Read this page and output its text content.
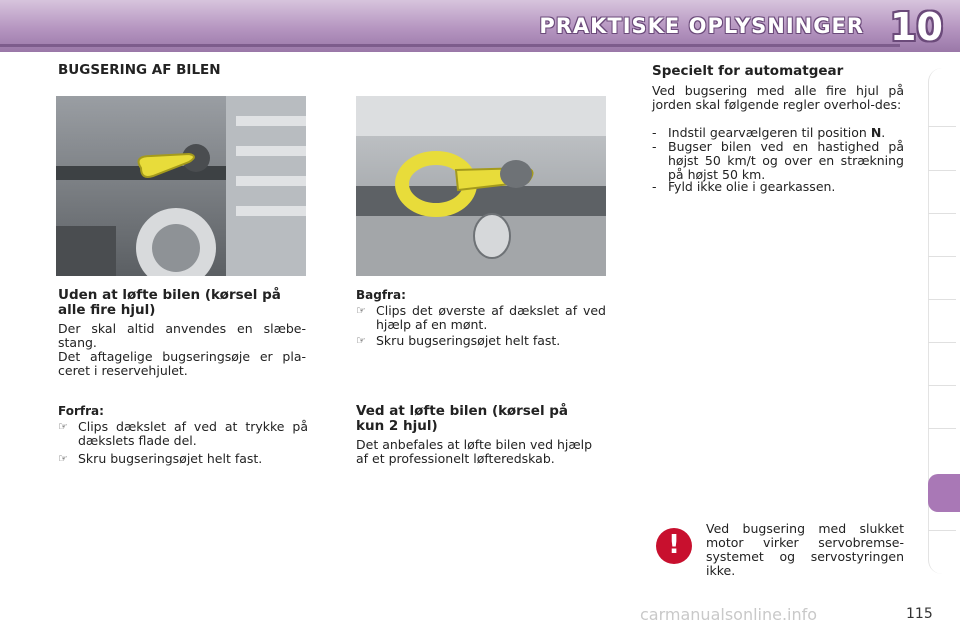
PRAKTISKE OPLYSNINGER 10
BUGSERING AF BILEN
Uden at løfte bilen (kørsel på
alle fire hjul)

Der skal altid anvendes en slæbe-stang.

Det aftagelige bugseringsøje er pla-ceret i reservehjulet.

Forfra:
☞ Clips dækslet af ved at trykke på dækslets flade del.
☞ Skru bugseringsøjet helt fast.
Bagfra:
☞ Clips det øverste af dækslet af ved hjælp af en mønt.
☞ Skru bugseringsøjet helt fast.
Ved at løfte bilen (kørsel på
kun 2 hjul)

Det anbefales at løfte bilen ved hjælp af et professionelt løfteredskab.

Specielt for automatgear

Ved bugsering med alle fire hjul på jorden skal følgende regler overhol-des:

- Indstil gearvælgeren til position N.
- Bugser bilen ved en hastighed på højst 50 km/t og over en strækning på højst 50 km.
- Fyld ikke olie i gearkassen.
!

Ved bugsering med slukket motor virker servobremse-systemet og servostyringen ikke.

carmanualsonline.info	115
